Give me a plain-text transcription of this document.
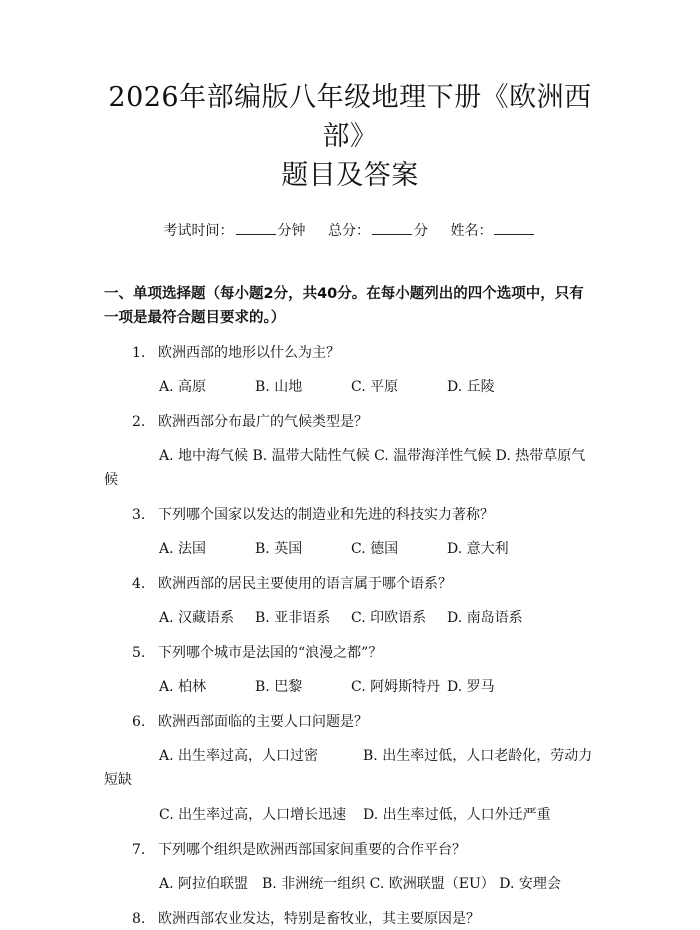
2026年部编版八年级地理下册《欧洲西部》
题目及答案
考试时间：	分钟 总分：	分 姓名：
一、单项选择题（每小题2分，共40分。在每小题列出的四个选项中，只有一项是最符合题目要求的。）
1. 欧洲西部的地形以什么为主？
A. 高原	B. 山地	C. 平原	D. 丘陵
2. 欧洲西部分布最广的气候类型是？
A. 地中海气候 B. 温带大陆性气候 C. 温带海洋性气候 D. 热带草原气
候
3. 下列哪个国家以发达的制造业和先进的科技实力著称？
A. 法国	B. 英国	C. 德国	D. 意大利
4. 欧洲西部的居民主要使用的语言属于哪个语系？
A. 汉藏语系 B. 亚非语系 C. 印欧语系 D. 南岛语系
5. 下列哪个城市是法国的“浪漫之都”？
A. 柏林	B. 巴黎	C. 阿姆斯特丹 D. 罗马
6. 欧洲西部面临的主要人口问题是？
A. 出生率过高，人口过密	B. 出生率过低，人口老龄化，劳动力
短缺
C. 出生率过高，人口增长迅速 D. 出生率过低，人口外迁严重
7. 下列哪个组织是欧洲西部国家间重要的合作平台？
A. 阿拉伯联盟　B. 非洲统一组织 C. 欧洲联盟（EU） D. 安理会
8. 欧洲西部农业发达，特别是畜牧业，其主要原因是？
